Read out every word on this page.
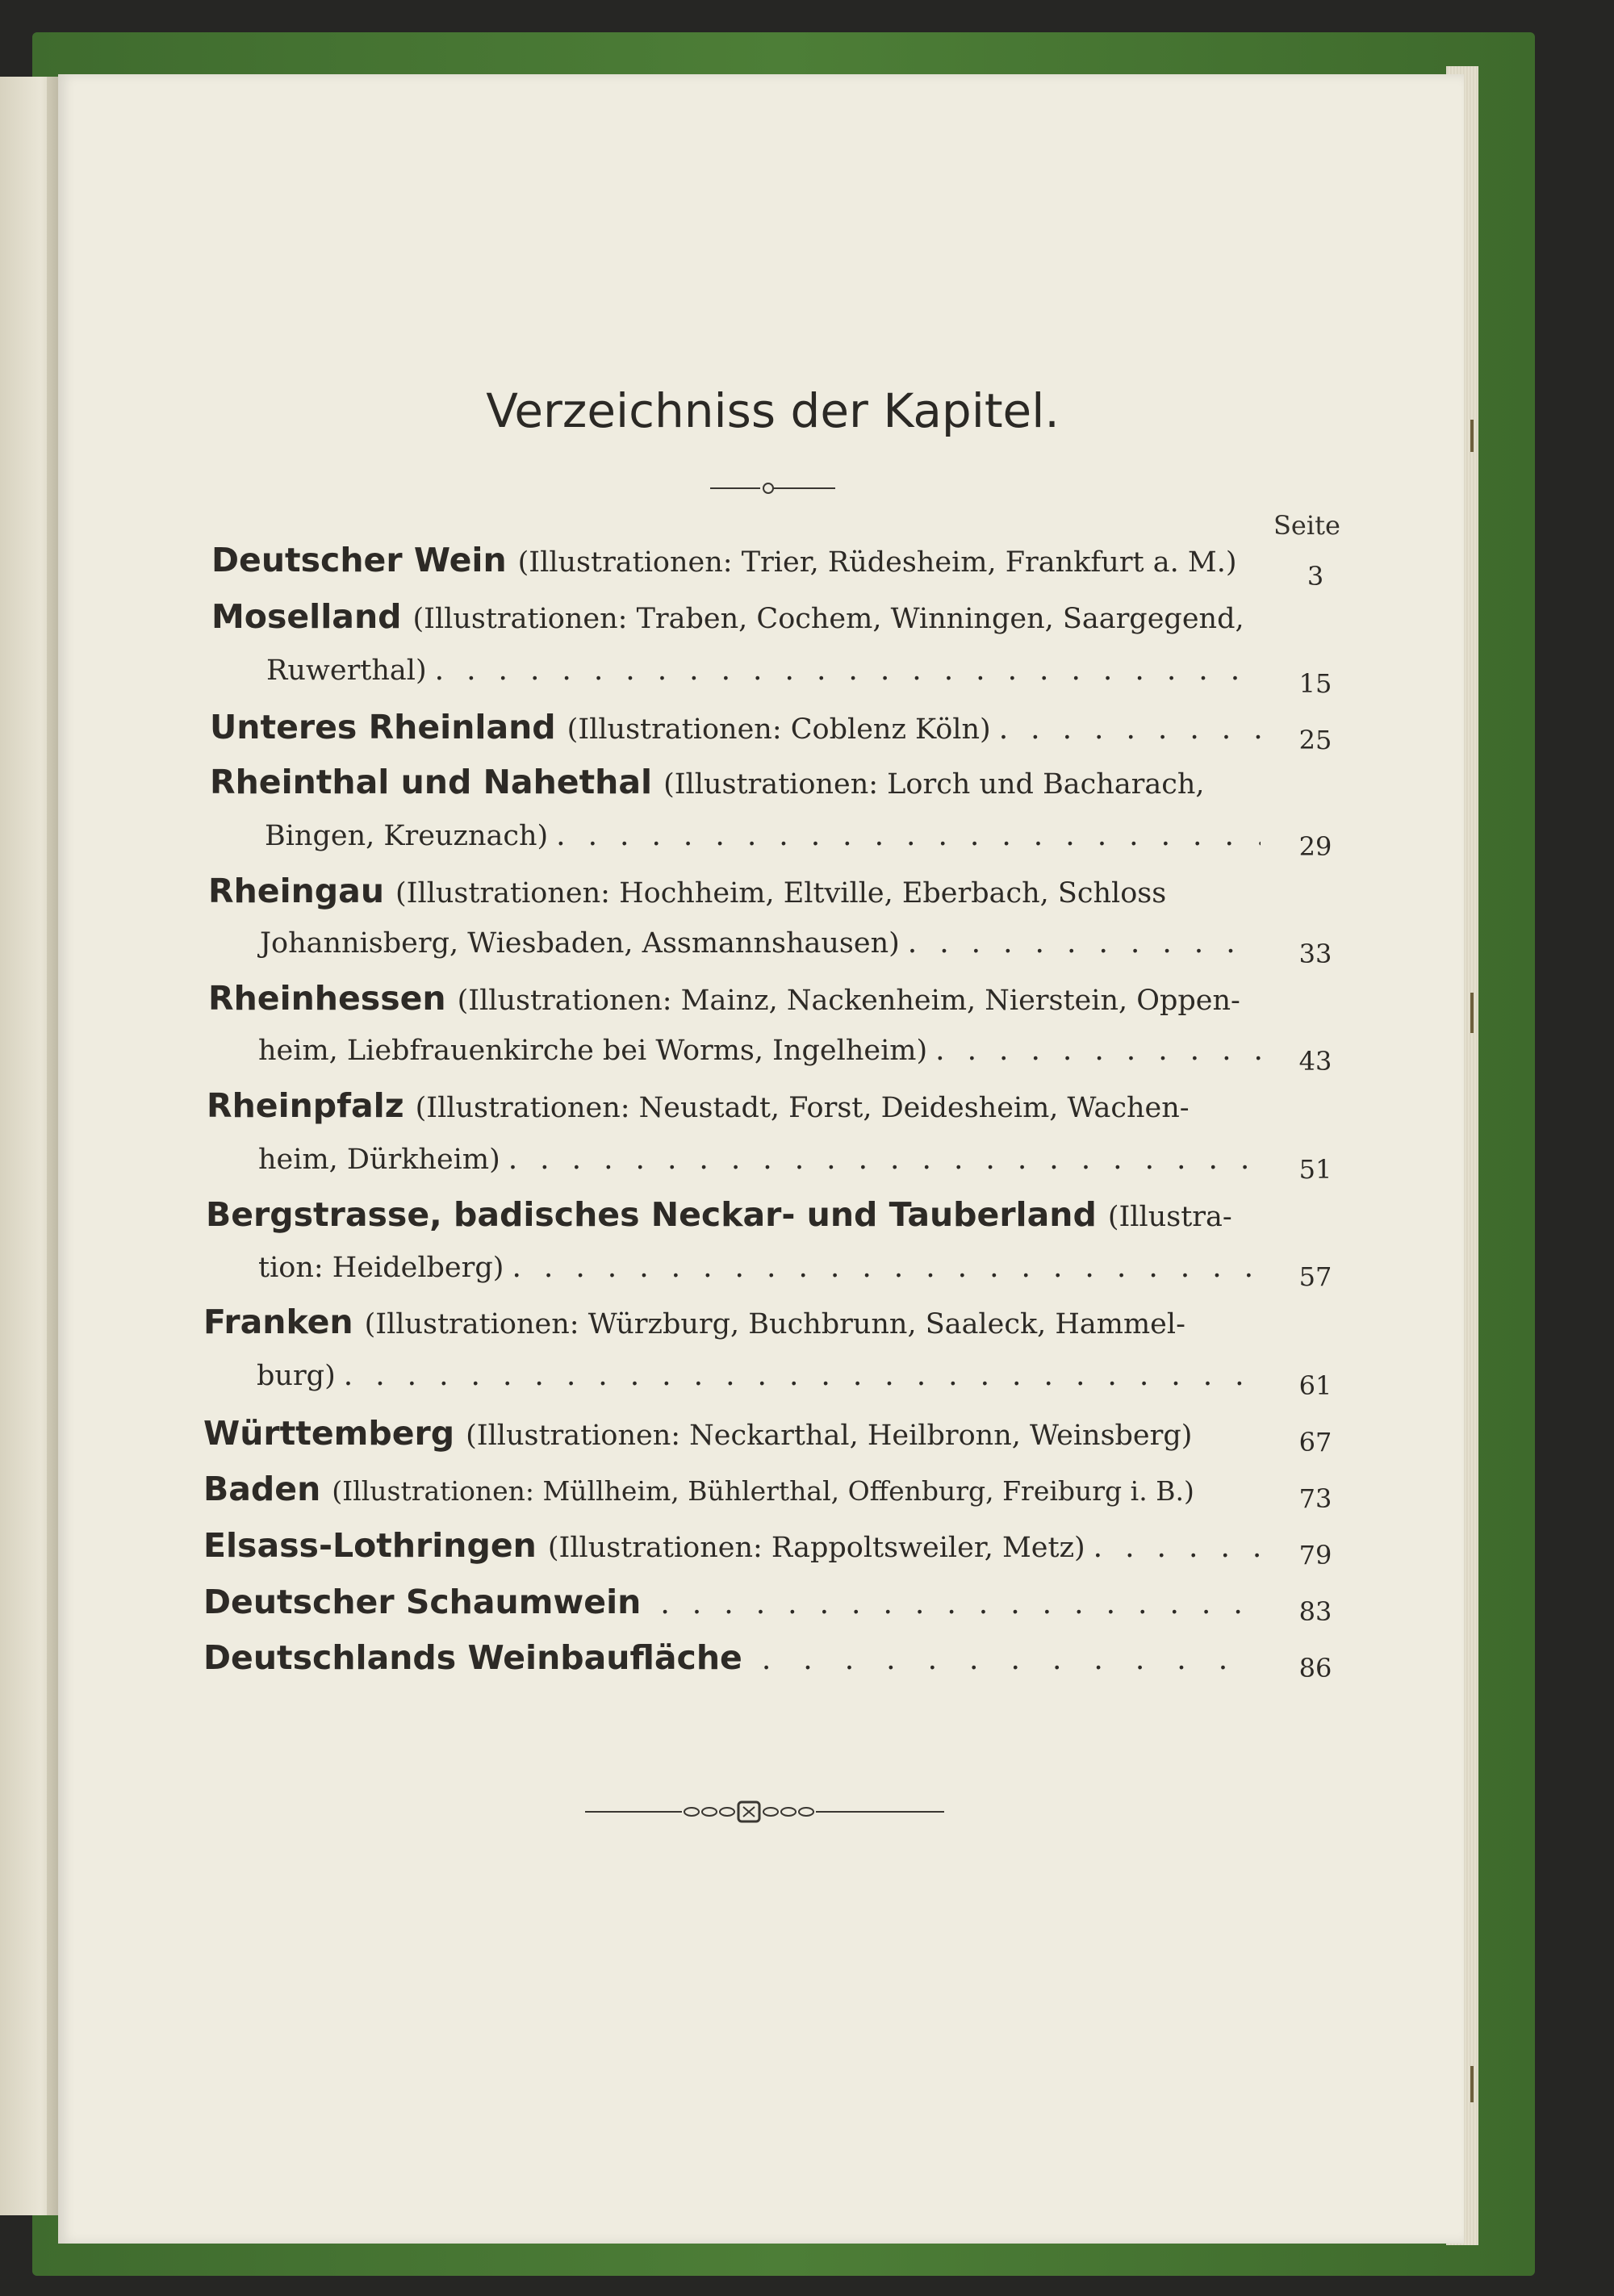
Verzeichniss der Kapitel.
Seite
Deutscher Wein (Illustrationen: Trier, Rüdesheim, Frankfurt a. M.)	3
Moselland (Illustrationen: Traben, Cochem, Winningen, Saargegend,
Ruwerthal) .....	15
Unteres Rheinland (Illustrationen: Coblenz Köln) .....	25
Rheinthal und Nahethal (Illustrationen: Lorch und Bacharach,
Bingen, Kreuznach) .....	29
Rheingau (Illustrationen: Hochheim, Eltville, Eberbach, Schloss
Johannisberg, Wiesbaden, Assmannshausen) .....	33
Rheinhessen (Illustrationen: Mainz, Nackenheim, Nierstein, Oppen-
heim, Liebfrauenkirche bei Worms, Ingelheim) .....	43
Rheinpfalz (Illustrationen: Neustadt, Forst, Deidesheim, Wachen-
heim, Dürkheim) .....	51
Bergstrasse, badisches Neckar- und Tauberland (Illustra-
tion: Heidelberg) .....	57
Franken (Illustrationen: Würzburg, Buchbrunn, Saaleck, Hammel-
burg) .....	61
Württemberg (Illustrationen: Neckarthal, Heilbronn, Weinsberg)	67
Baden (Illustrationen: Müllheim, Bühlerthal, Offenburg, Freiburg i. B.)	73
Elsass-Lothringen (Illustrationen: Rappoltsweiler, Metz) .....	79
Deutscher Schaumwein .....	83
Deutschlands Weinbaufläche .....	86
